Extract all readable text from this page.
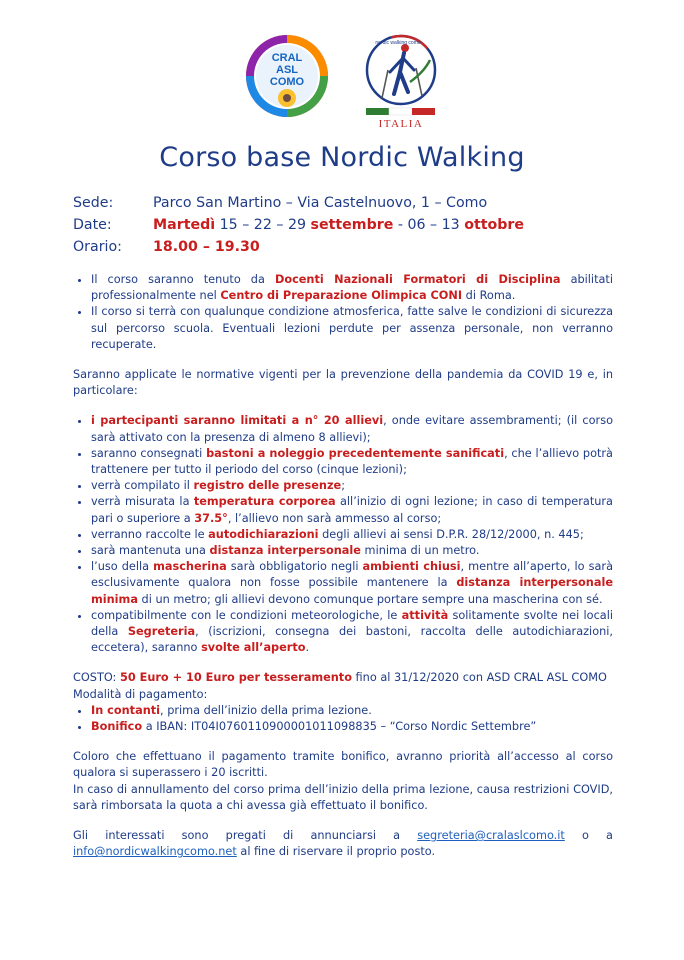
CRAL
ASL
COMO
nordic walking como
ITALIA
Corso base Nordic Walking
Sede:	Parco San Martino – Via Castelnuovo, 1 – Como
Date:	Martedì 15 – 22 – 29 settembre - 06 – 13 ottobre
Orario:	18.00 – 19.30
• Il corso saranno tenuto da Docenti Nazionali Formatori di Disciplina abilitati professionalmente nel Centro di Preparazione Olimpica CONI di Roma.
• Il corso si terrà con qualunque condizione atmosferica, fatte salve le condizioni di sicurezza sul percorso scuola. Eventuali lezioni perdute per assenza personale, non verranno recuperate.

Saranno applicate le normative vigenti per la prevenzione della pandemia da COVID 19 e, in particolare:

• i partecipanti saranno limitati a n° 20 allievi, onde evitare assembramenti; (il corso sarà attivato con la presenza di almeno 8 allievi);
• saranno consegnati bastoni a noleggio precedentemente sanificati, che l’allievo potrà trattenere per tutto il periodo del corso (cinque lezioni);
• verrà compilato il registro delle presenze;
• verrà misurata la temperatura corporea all’inizio di ogni lezione; in caso di temperatura pari o superiore a 37.5°, l’allievo non sarà ammesso al corso;
• verranno raccolte le autodichiarazioni degli allievi ai sensi D.P.R. 28/12/2000, n. 445;
• sarà mantenuta una distanza interpersonale minima di un metro.
• l’uso della mascherina sarà obbligatorio negli ambienti chiusi, mentre all’aperto, lo sarà esclusivamente qualora non fosse possibile mantenere la distanza interpersonale minima di un metro; gli allievi devono comunque portare sempre una mascherina con sé.
• compatibilmente con le condizioni meteorologiche, le attività solitamente svolte nei locali della Segreteria, (iscrizioni, consegna dei bastoni, raccolta delle autodichiarazioni, eccetera), saranno svolte all’aperto.

COSTO: 50 Euro + 10 Euro per tesseramento fino al 31/12/2020 con ASD CRAL ASL COMO

Modalità di pagamento:

• In contanti, prima dell’inizio della prima lezione.
• Bonifico a IBAN: IT04I0760110900001011098835 – “Corso Nordic Settembre”

Coloro che effettuano il pagamento tramite bonifico, avranno priorità all’accesso al corso qualora si superassero i 20 iscritti.

In caso di annullamento del corso prima dell’inizio della prima lezione, causa restrizioni COVID, sarà rimborsata la quota a chi avessa già effettuato il bonifico.

Gli interessati sono pregati di annunciarsi a segreteria@cralaslcomo.it o a info@nordicwalkingcomo.net al fine di riservare il proprio posto.
